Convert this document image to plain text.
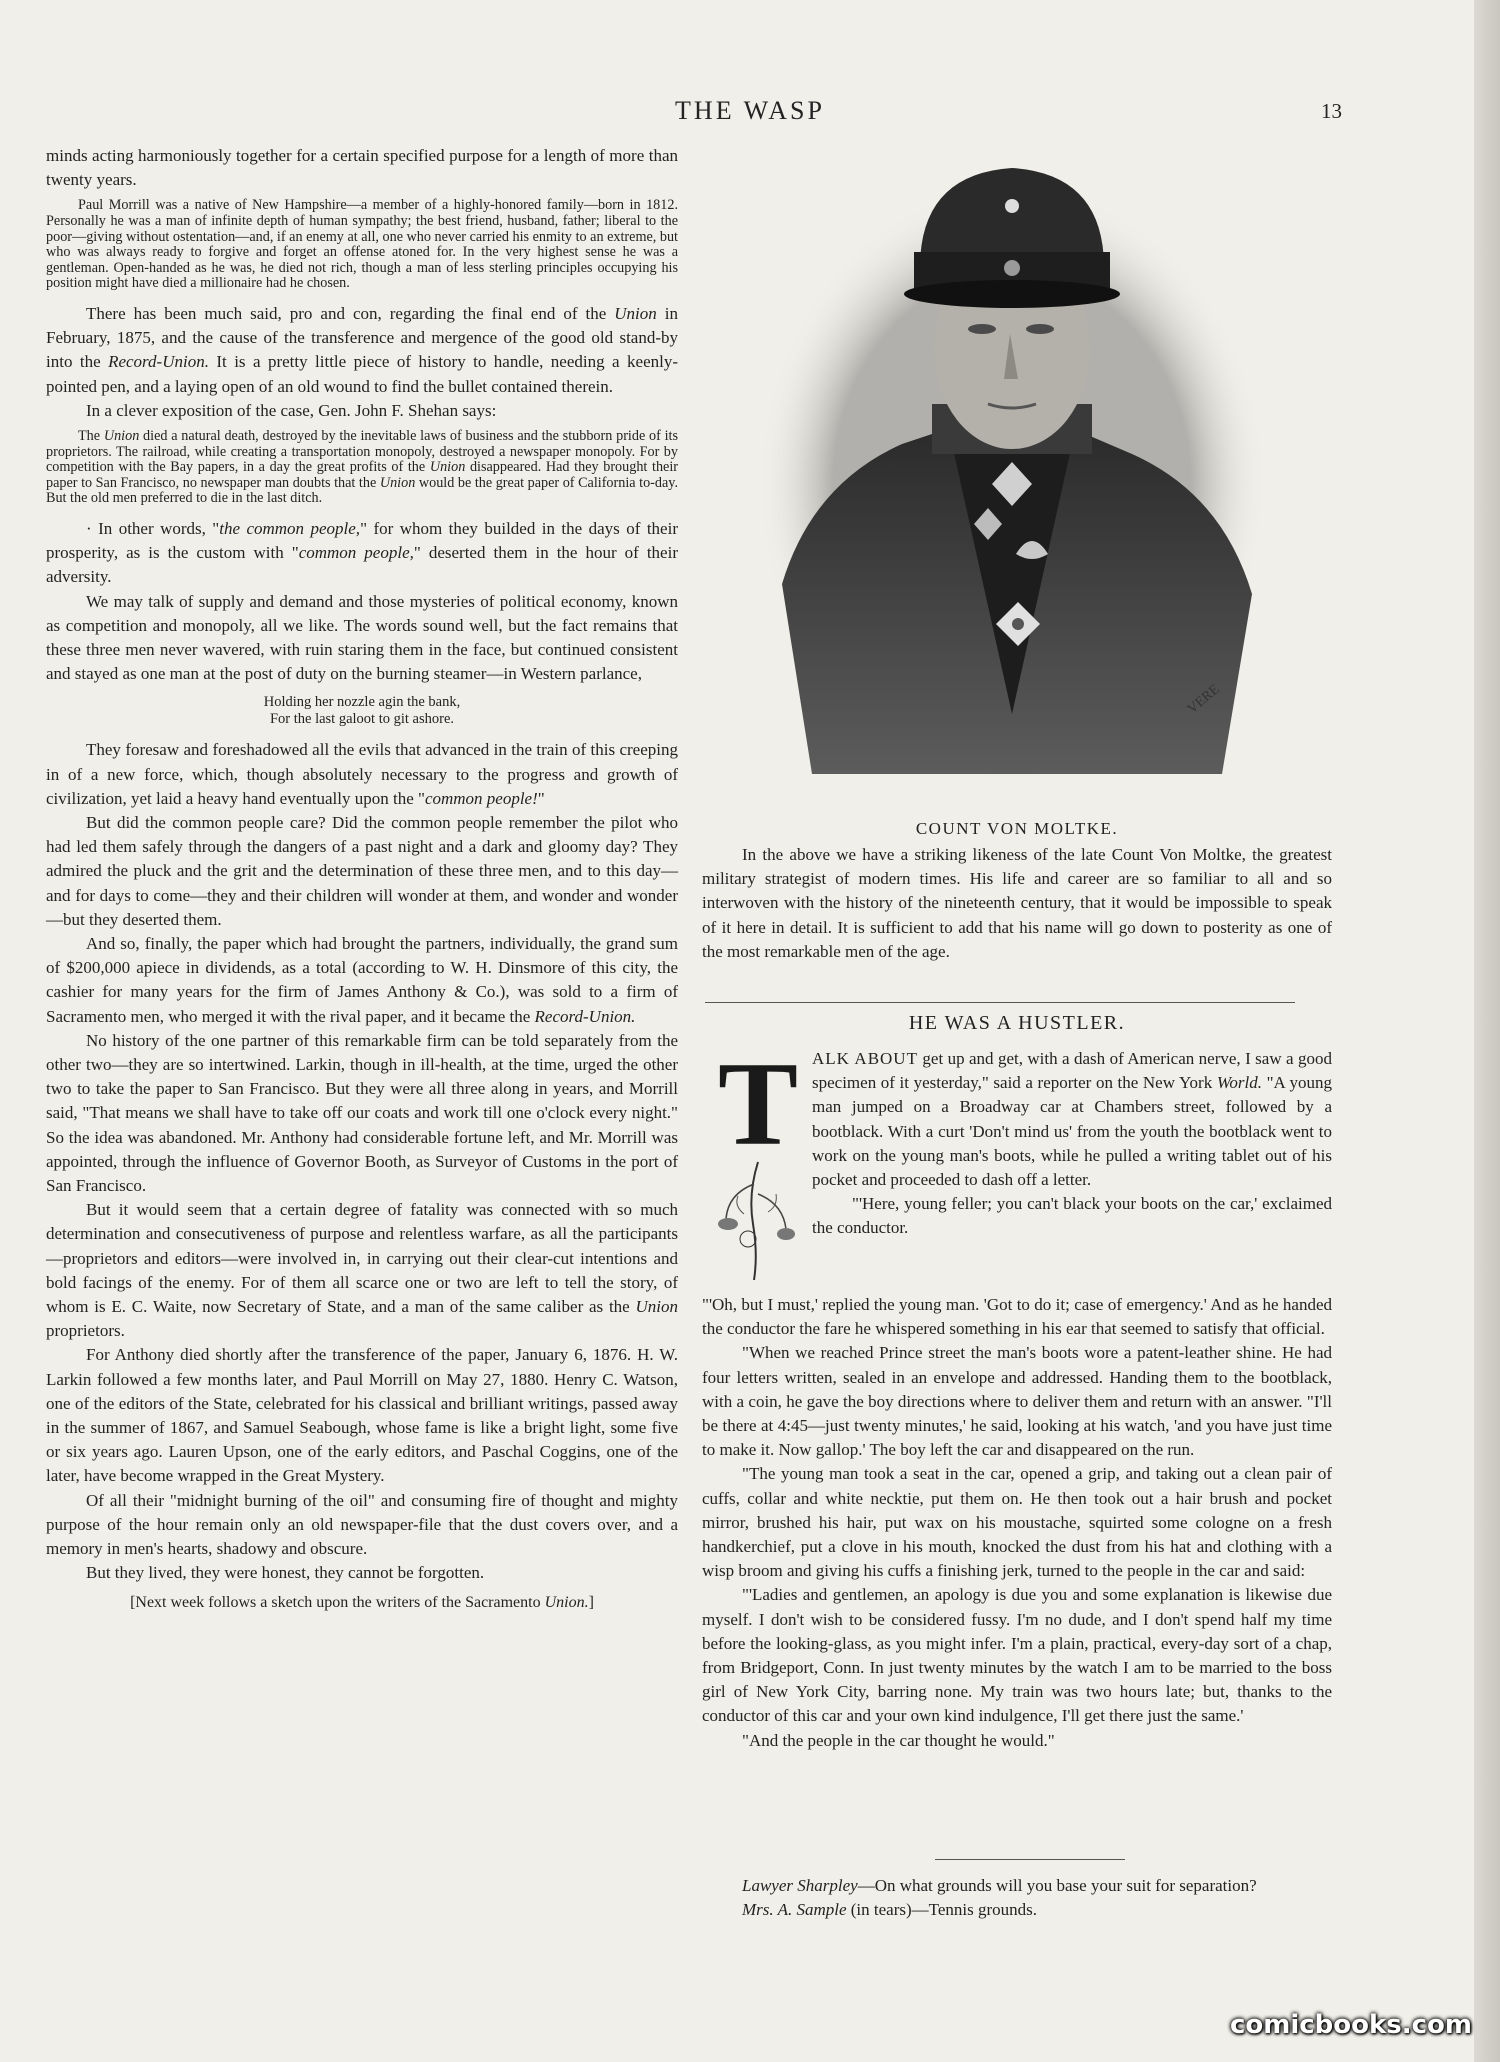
THE WASP	13

minds acting harmoniously together for a certain specified purpose for a length of more than twenty years.

Paul Morrill was a native of New Hampshire—a member of a highly-honored family—born in 1812. Personally he was a man of infinite depth of human sympathy; the best friend, husband, father; liberal to the poor—giving without ostentation—and, if an enemy at all, one who never carried his enmity to an extreme, but who was always ready to forgive and forget an offense atoned for. In the very highest sense he was a gentleman. Open-handed as he was, he died not rich, though a man of less sterling principles occupying his position might have died a millionaire had he chosen.

There has been much said, pro and con, regarding the final end of the Union in February, 1875, and the cause of the transference and mergence of the good old stand-by into the Record-Union. It is a pretty little piece of history to handle, needing a keenly-pointed pen, and a laying open of an old wound to find the bullet contained therein.

In a clever exposition of the case, Gen. John F. Shehan says:

The Union died a natural death, destroyed by the inevitable laws of business and the stubborn pride of its proprietors. The railroad, while creating a transportation monopoly, destroyed a newspaper monopoly. For by competition with the Bay papers, in a day the great profits of the Union disappeared. Had they brought their paper to San Francisco, no newspaper man doubts that the Union would be the great paper of California to-day. But the old men preferred to die in the last ditch.

· In other words, "the common people," for whom they builded in the days of their prosperity, as is the custom with "common people," deserted them in the hour of their adversity.

We may talk of supply and demand and those mysteries of political economy, known as competition and monopoly, all we like. The words sound well, but the fact remains that these three men never wavered, with ruin staring them in the face, but continued consistent and stayed as one man at the post of duty on the burning steamer—in Western parlance,

Holding her nozzle agin the bank,
For the last galoot to git ashore.

They foresaw and foreshadowed all the evils that advanced in the train of this creeping in of a new force, which, though absolutely necessary to the progress and growth of civilization, yet laid a heavy hand eventually upon the "common people!"

But did the common people care? Did the common people remember the pilot who had led them safely through the dangers of a past night and a dark and gloomy day? They admired the pluck and the grit and the determination of these three men, and to this day—and for days to come—they and their children will wonder at them, and wonder and wonder—but they deserted them.

And so, finally, the paper which had brought the partners, individually, the grand sum of $200,000 apiece in dividends, as a total (according to W. H. Dinsmore of this city, the cashier for many years for the firm of James Anthony & Co.), was sold to a firm of Sacramento men, who merged it with the rival paper, and it became the Record-Union.

No history of the one partner of this remarkable firm can be told separately from the other two—they are so intertwined. Larkin, though in ill-health, at the time, urged the other two to take the paper to San Francisco. But they were all three along in years, and Morrill said, "That means we shall have to take off our coats and work till one o'clock every night." So the idea was abandoned. Mr. Anthony had considerable fortune left, and Mr. Morrill was appointed, through the influence of Governor Booth, as Surveyor of Customs in the port of San Francisco.

But it would seem that a certain degree of fatality was connected with so much determination and consecutiveness of purpose and relentless warfare, as all the participants—proprietors and editors—were involved in, in carrying out their clear-cut intentions and bold facings of the enemy. For of them all scarce one or two are left to tell the story, of whom is E. C. Waite, now Secretary of State, and a man of the same caliber as the Union proprietors.

For Anthony died shortly after the transference of the paper, January 6, 1876. H. W. Larkin followed a few months later, and Paul Morrill on May 27, 1880. Henry C. Watson, one of the editors of the State, celebrated for his classical and brilliant writings, passed away in the summer of 1867, and Samuel Seabough, whose fame is like a bright light, some five or six years ago. Lauren Upson, one of the early editors, and Paschal Coggins, one of the later, have become wrapped in the Great Mystery.

Of all their "midnight burning of the oil" and consuming fire of thought and mighty purpose of the hour remain only an old newspaper-file that the dust covers over, and a memory in men's hearts, shadowy and obscure.

But they lived, they were honest, they cannot be forgotten.

[Next week follows a sketch upon the writers of the Sacramento Union.]

VERE
COUNT VON MOLTKE.

In the above we have a striking likeness of the late Count Von Moltke, the greatest military strategist of modern times. His life and career are so familiar to all and so interwoven with the history of the nineteenth century, that it would be impossible to speak of it here in detail. It is sufficient to add that his name will go down to posterity as one of the most remarkable men of the age.

HE WAS A HUSTLER.
T ALK ABOUT get up and get, with a dash of American nerve, I saw a good specimen of it yesterday," said a reporter on the New York World. "A young man jumped on a Broadway car at Chambers street, followed by a bootblack. With a curt 'Don't mind us' from the youth the bootblack went to work on the young man's boots, while he pulled a writing tablet out of his pocket and proceeded to dash off a letter.

"'Here, young feller; you can't black your boots on the car,' exclaimed the conductor.

"'Oh, but I must,' replied the young man. 'Got to do it; case of emergency.' And as he handed the conductor the fare he whispered something in his ear that seemed to satisfy that official.

"When we reached Prince street the man's boots wore a patent-leather shine. He had four letters written, sealed in an envelope and addressed. Handing them to the bootblack, with a coin, he gave the boy directions where to deliver them and return with an answer. "I'll be there at 4:45—just twenty minutes,' he said, looking at his watch, 'and you have just time to make it. Now gallop.' The boy left the car and disappeared on the run.

"The young man took a seat in the car, opened a grip, and taking out a clean pair of cuffs, collar and white necktie, put them on. He then took out a hair brush and pocket mirror, brushed his hair, put wax on his moustache, squirted some cologne on a fresh handkerchief, put a clove in his mouth, knocked the dust from his hat and clothing with a wisp broom and giving his cuffs a finishing jerk, turned to the people in the car and said:

"'Ladies and gentlemen, an apology is due you and some explanation is likewise due myself. I don't wish to be considered fussy. I'm no dude, and I don't spend half my time before the looking-glass, as you might infer. I'm a plain, practical, every-day sort of a chap, from Bridgeport, Conn. In just twenty minutes by the watch I am to be married to the boss girl of New York City, barring none. My train was two hours late; but, thanks to the conductor of this car and your own kind indulgence, I'll get there just the same.'

"And the people in the car thought he would."

Lawyer Sharpley—On what grounds will you base your suit for separation?

Mrs. A. Sample (in tears)—Tennis grounds.

comicbooks.com
